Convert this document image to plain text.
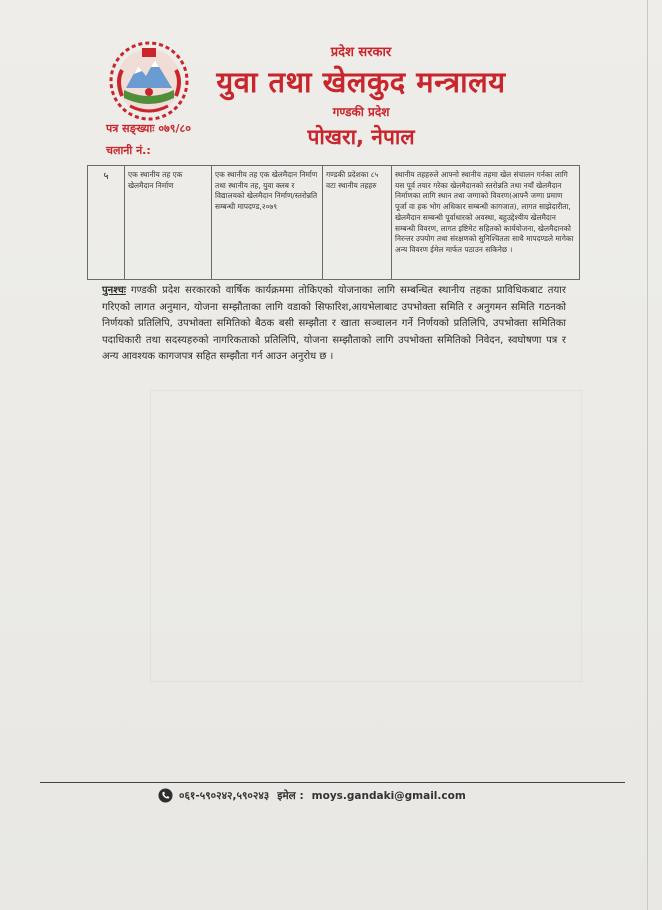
प्रदेश सरकार
युवा तथा खेलकुद मन्त्रालय
गण्डकी प्रदेश
पोखरा, नेपाल
पत्र सङ्ख्याः ०७९/८०
चलानी नं.:
५	एक स्थानीय तह एक खेलमैदान निर्माण	एक स्थानीय तह एक खेलमैदान निर्माण तथा स्थानीय तह, युवा क्लब र विद्यालयको खेलमैदान निर्माण/स्तरोन्नति सम्बन्धी मापदण्ड,२०७९	गण्डकी प्रदेशका ८५ वटा स्थानीय तहहरु	स्थानीय तहहरुले आफ्नो स्थानीय तहमा खेल संचालन गर्नका लागि यस पूर्व तयार गरेका खेलमैदानको स्तरोन्नति तथा नयाँ खेलमैदान निर्माणका लागि स्थान तथा जग्गाको विवरण(आफ्नै जग्गा प्रमाण पूर्जा वा हक भोग अधिकार सम्बन्धी कागजात), लागत साझेदारीता, खेलमैदान सम्बन्धी पूर्वाधारको अवस्था, बहुउद्देश्यीय खेलमैदान सम्बन्धी विवरण, लागत इष्टिमेट सहितको कार्ययोजना, खेलमैदानको निरन्तर उपयोग तथा संरक्षणको सुनिश्चितता साथै मापदण्डले मागेका अन्य विवरण ईमेल मार्फत पठाउन सकिनेछ ।
पुनश्चः गण्डकी प्रदेश सरकारको वार्षिक कार्यक्रममा तोकिएको योजनाका लागि सम्बन्धित स्थानीय तहका प्राविधिकबाट तयार गरिएको लागत अनुमान, योजना सम्झौताका लागि वडाको सिफारिश,आयभेलाबाट उपभोक्ता समिति र अनुगमन समिति गठनको निर्णयको प्रतिलिपि, उपभोक्ता समितिको बैठक बसी सम्झौता र खाता सञ्चालन गर्ने निर्णयको प्रतिलिपि, उपभोक्ता समितिका पदाधिकारी तथा सदस्यहरुको नागरिकताको प्रतिलिपि, योजना सम्झौताको लागि उपभोक्ता समितिको निवेदन, स्वघोषणा पत्र र अन्य आवश्यक कागजपत्र सहित सम्झौता गर्न आउन अनुरोध छ ।
०६१-५९०२४२,५९०२४३ इमेल : moys.gandaki@gmail.com
